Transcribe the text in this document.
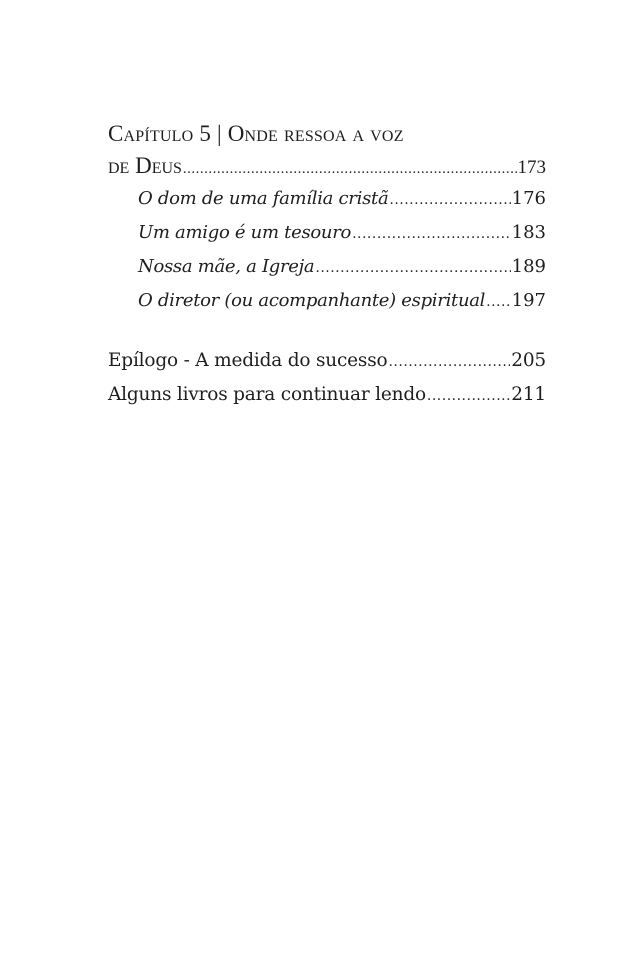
Capítulo 5 | Onde ressoa a voz
de Deus .....	173
O dom de uma família cristã .....	176
Um amigo é um tesouro .....	183
Nossa mãe, a Igreja .....	189
O diretor (ou acompanhante) espiritual ..... 197
Epílogo - A medida do sucesso .....	205
Alguns livros para continuar lendo .....	211
